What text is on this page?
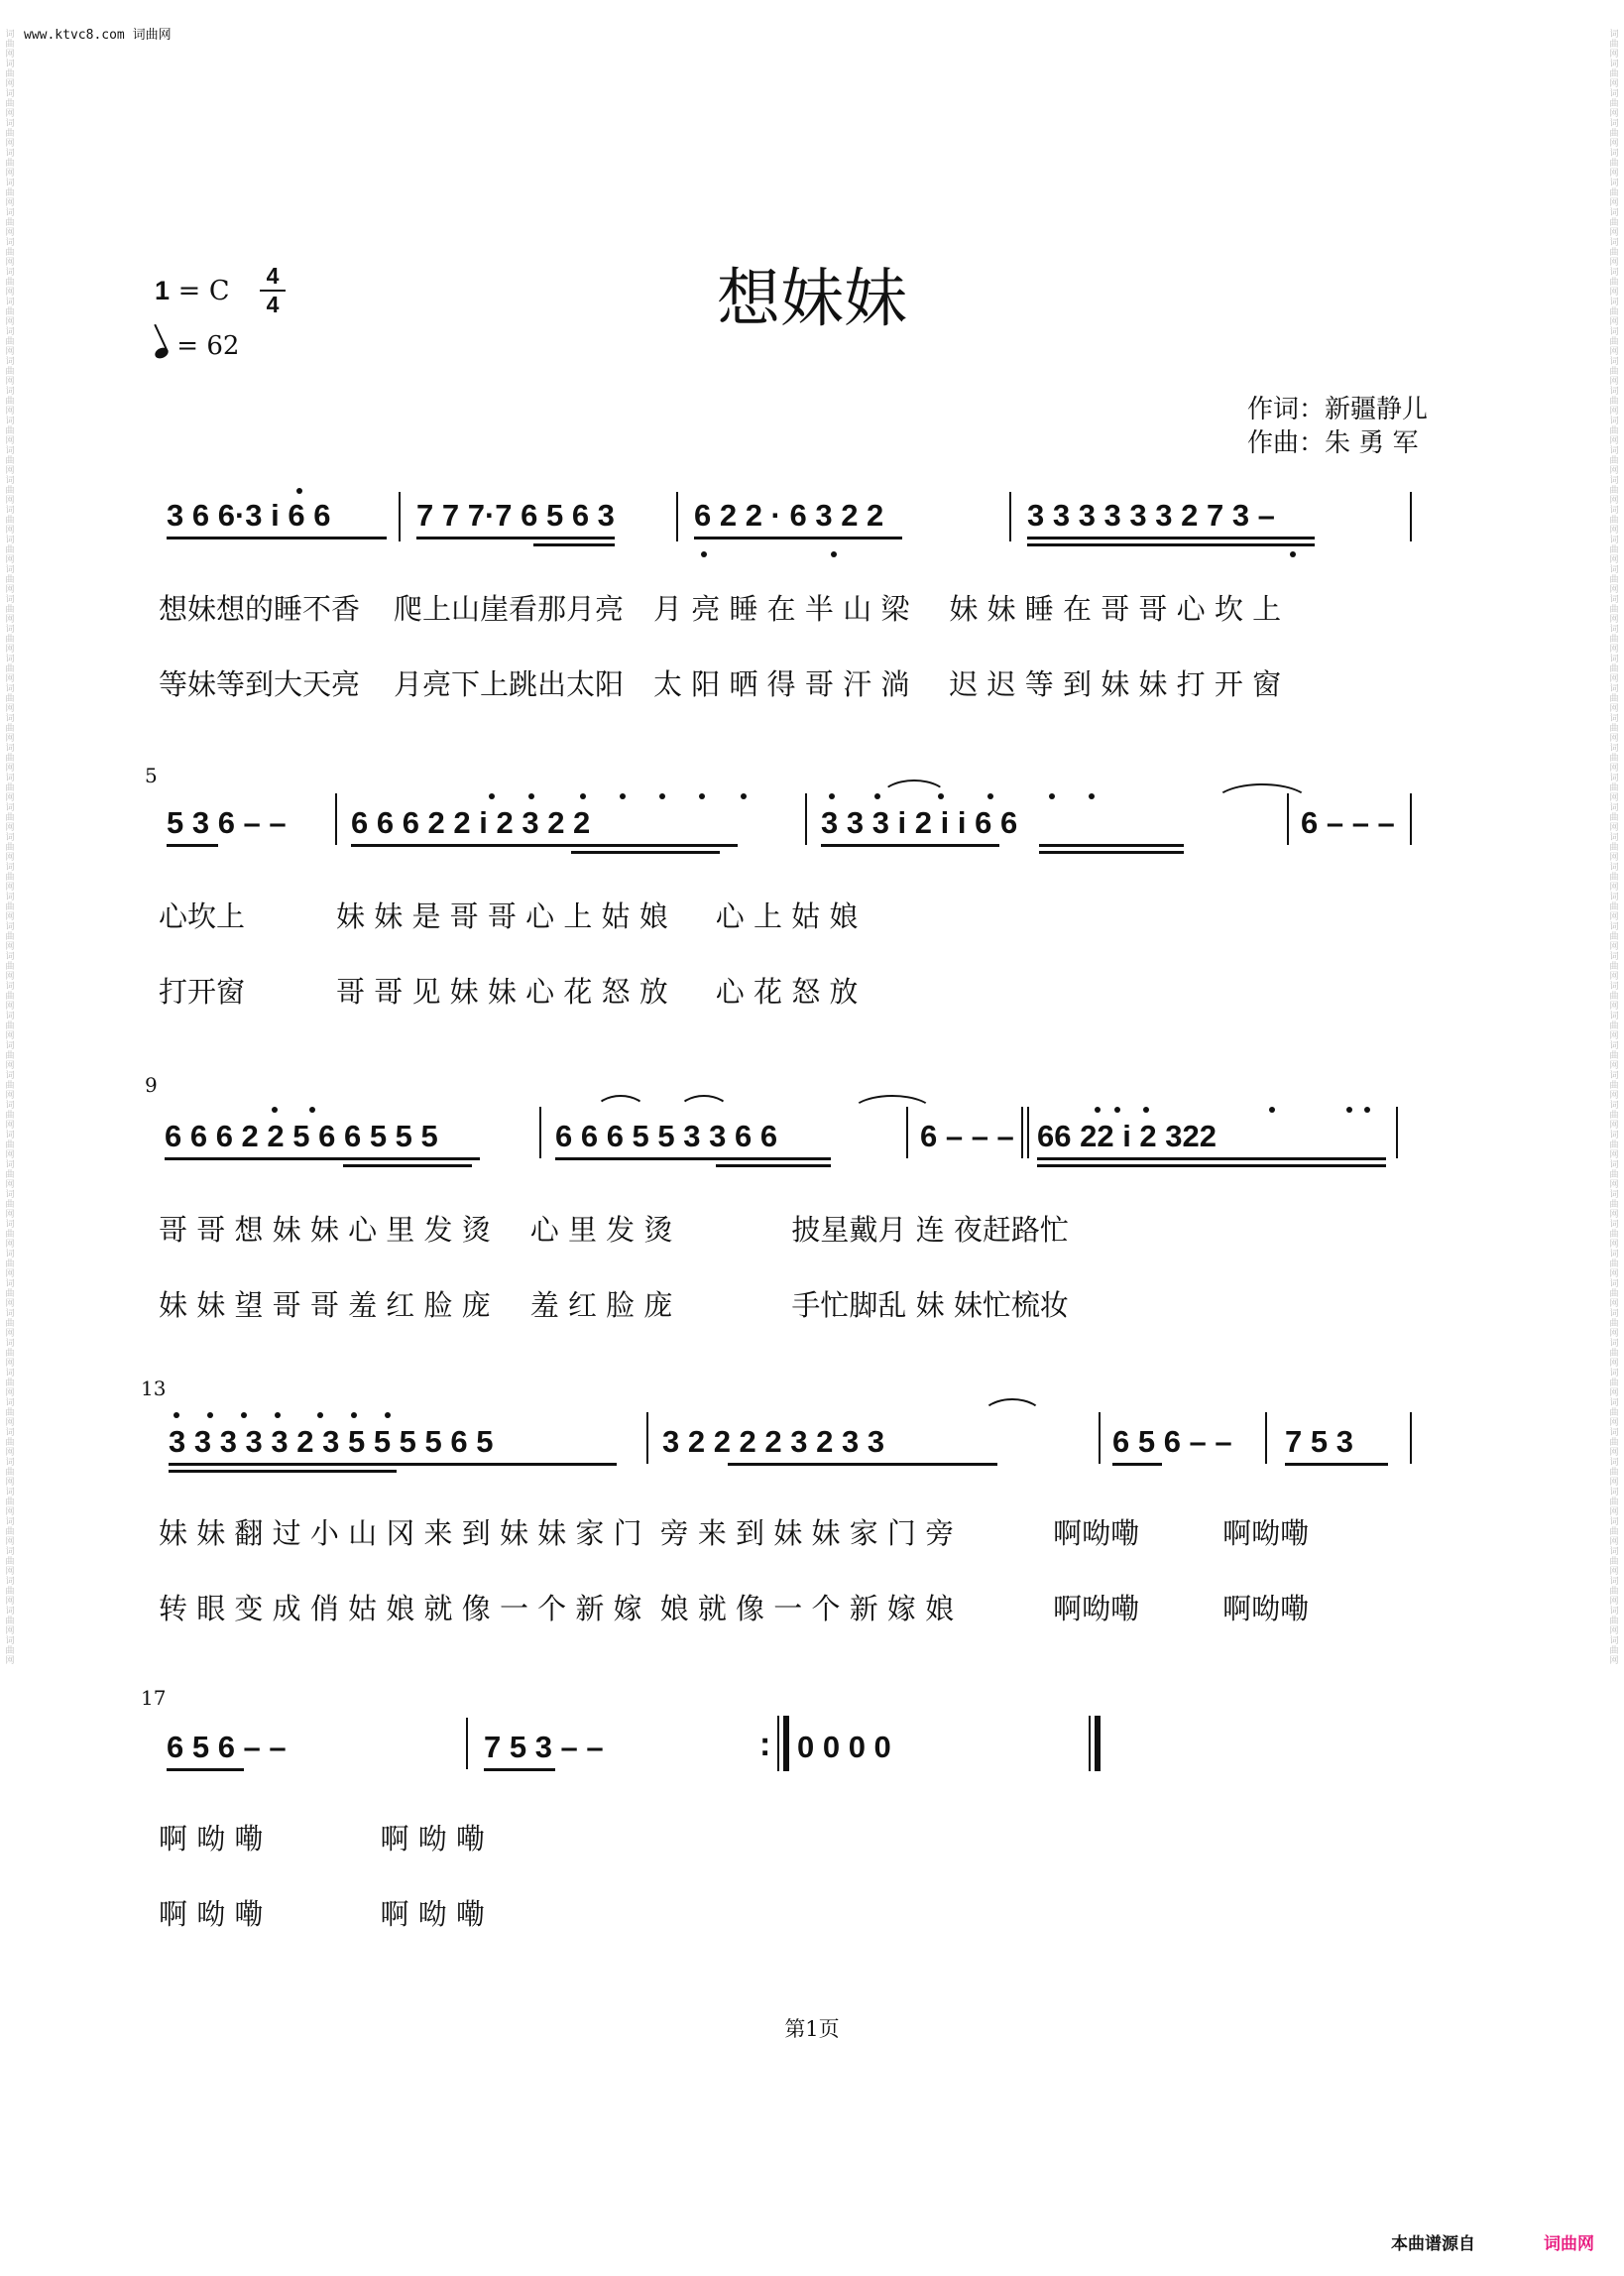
词曲网词曲网词曲网词曲网词曲网词曲网词曲网词曲网词曲网词曲网词曲网词曲网词曲网词曲网词曲网词曲网词曲网词曲网词曲网词曲网词曲网词曲网词曲网词曲网词曲网词曲网词曲网词曲网词曲网词曲网词曲网词曲网词曲网词曲网词曲网词曲网词曲网词曲网词曲网词曲网词曲网词曲网词曲网词曲网词曲网词曲网词曲网词曲网词曲网词曲网词曲网词曲网词曲网词曲网词曲网
词曲网词曲网词曲网词曲网词曲网词曲网词曲网词曲网词曲网词曲网词曲网词曲网词曲网词曲网词曲网词曲网词曲网词曲网词曲网词曲网词曲网词曲网词曲网词曲网词曲网词曲网词曲网词曲网词曲网词曲网词曲网词曲网词曲网词曲网词曲网词曲网词曲网词曲网词曲网词曲网词曲网词曲网词曲网词曲网词曲网词曲网词曲网词曲网词曲网词曲网词曲网词曲网词曲网词曲网词曲网
www.ktvc8.com 词曲网
想妹妹
1 = C 4
4
= 62
作词：新疆静儿
作曲：朱 勇 军
3 6 6·3 i 6 6	7 7 7·7 6 5 6 3	6 2 2 · 6 3 2 2	3 3 3 3 3 3 2 7 3 –
想妹想的睡不香 爬上山崖看那月亮 月 亮 睡 在 半 山 梁 妹 妹 睡 在 哥 哥 心 坎 上
等妹等到大天亮 月亮下上跳出太阳 太 阳 晒 得 哥 汗 淌 迟 迟 等 到 妹 妹 打 开 窗
5
5 3 6 – – 6 6 6 2 2 i 2 3 2 2	3 3 3 i 2 i i 6 6	6 – – –
心坎上	妹 妹 是 哥 哥 心 上 姑 娘 心 上 姑 娘
打开窗	哥 哥 见 妹 妹 心 花 怒 放 心 花 怒 放
9
6 6 6 2 2 5 6 6 5 5 5	6 6 6 5 5 3 3 6 6	6 – – – 66 22 i 2 322
哥 哥 想 妹 妹 心 里 发 烫 心 里 发 烫	披星戴月 连 夜赶路忙
妹 妹 望 哥 哥 羞 红 脸 庞 羞 红 脸 庞	手忙脚乱 妹 妹忙梳妆
13
3 3 3 3 3 2 3 5 5 5 5 6 5	3 2 2 2 2 3 2 3 3	6 5 6 – – 7 5 3
妹 妹 翻 过 小 山 冈 来 到 妹 妹 家 门 旁 来 到 妹 妹 家 门 旁	啊呦嘞	啊呦嘞
转 眼 变 成 俏 姑 娘 就 像 一 个 新 嫁 娘 就 像 一 个 新 嫁 娘	啊呦嘞	啊呦嘞
17
6 5 6 – –	7 5 3 – –	0 0 0 0
:
啊 呦 嘞	啊 呦 嘞
啊 呦 嘞	啊 呦 嘞
第1页
本曲谱源自	词曲网
